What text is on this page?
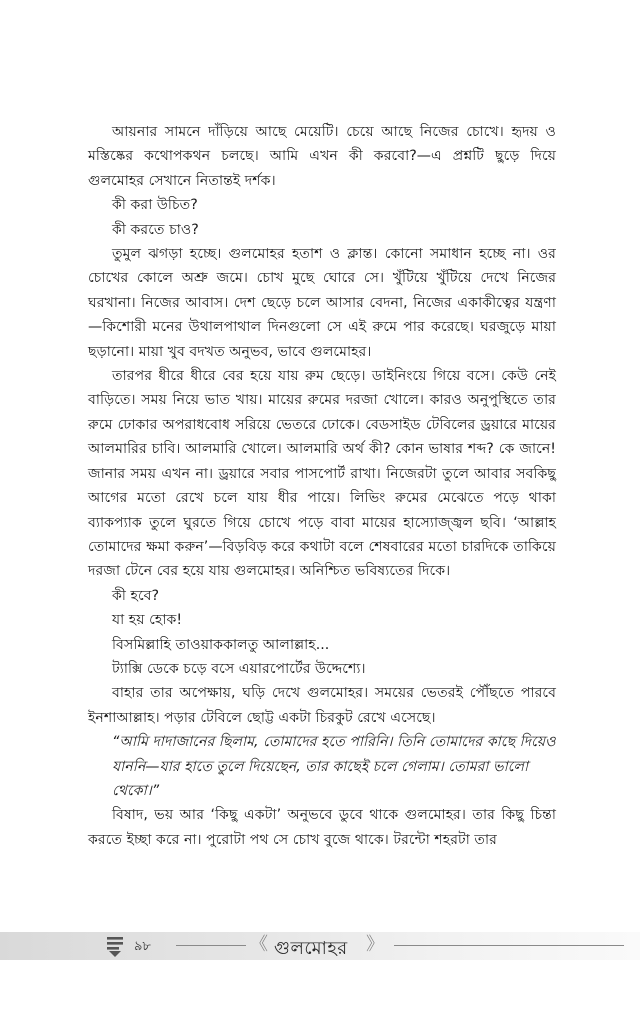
আয়নার সামনে দাঁড়িয়ে আছে মেয়েটি। চেয়ে আছে নিজের চোখে। হৃদয় ও মস্তিষ্কের কথোপকথন চলছে। আমি এখন কী করবো?—এ প্রশ্নটি ছুড়ে দিয়ে গুলমোহর সেখানে নিতান্তই দর্শক।

কী করা উচিত?

কী করতে চাও?

তুমুল ঝগড়া হচ্ছে। গুলমোহর হতাশ ও ক্লান্ত। কোনো সমাধান হচ্ছে না। ওর চোখের কোলে অশ্রু জমে। চোখ মুছে ঘোরে সে। খুঁটিয়ে খুঁটিয়ে দেখে নিজের ঘরখানা। নিজের আবাস। দেশ ছেড়ে চলে আসার বেদনা, নিজের একাকীত্বের যন্ত্রণা—কিশোরী মনের উথালপাথাল দিনগুলো সে এই রুমে পার করেছে। ঘরজুড়ে মায়া ছড়ানো। মায়া খুব বদখত অনুভব, ভাবে গুলমোহর।

তারপর ধীরে ধীরে বের হয়ে যায় রুম ছেড়ে। ডাইনিংয়ে গিয়ে বসে। কেউ নেই বাড়িতে। সময় নিয়ে ভাত খায়। মায়ের রুমের দরজা খোলে। কারও অনুপুস্থিতে তার রুমে ঢোকার অপরাধবোধ সরিয়ে ভেতরে ঢোকে। বেডসাইড টেবিলের ড্রয়ারে মায়ের আলমারির চাবি। আলমারি খোলে। আলমারি অর্থ কী? কোন ভাষার শব্দ? কে জানে! জানার সময় এখন না। ড্রয়ারে সবার পাসপোর্ট রাখা। নিজেরটা তুলে আবার সবকিছু আগের মতো রেখে চলে যায় ধীর পায়ে। লিভিং রুমের মেঝেতে পড়ে থাকা ব্যাকপ্যাক তুলে ঘুরতে গিয়ে চোখে পড়ে বাবা মায়ের হাস্যোজ্জ্বল ছবি। ‘আল্লাহ তোমাদের ক্ষমা করুন’—বিড়বিড় করে কথাটা বলে শেষবারের মতো চারদিকে তাকিয়ে দরজা টেনে বের হয়ে যায় গুলমোহর। অনিশ্চিত ভবিষ্যতের দিকে।

কী হবে?

যা হয় হোক!

বিসমিল্লাহি তাওয়াককালতু আলাল্লাহ...

ট্যাক্সি ডেকে চড়ে বসে এয়ারপোর্টের উদ্দেশ্যে।

বাহার তার অপেক্ষায়, ঘড়ি দেখে গুলমোহর। সময়ের ভেতরই পৌঁছতে পারবে ইনশাআল্লাহ। পড়ার টেবিলে ছোট্ট একটা চিরকুট রেখে এসেছে।

“আমি দাদাজানের ছিলাম, তোমাদের হতে পারিনি। তিনি তোমাদের কাছে দিয়েও যাননি—যার হাতে তুলে দিয়েছেন, তার কাছেই চলে গেলাম। তোমরা ভালো থেকো।”

বিষাদ, ভয় আর ‘কিছু একটা’ অনুভবে ডুবে থাকে গুলমোহর। তার কিছু চিন্তা করতে ইচ্ছা করে না। পুরোটা পথ সে চোখ বুজে থাকে। টরন্টো শহরটা তার

৯৮	《 গুলমোহর 》
